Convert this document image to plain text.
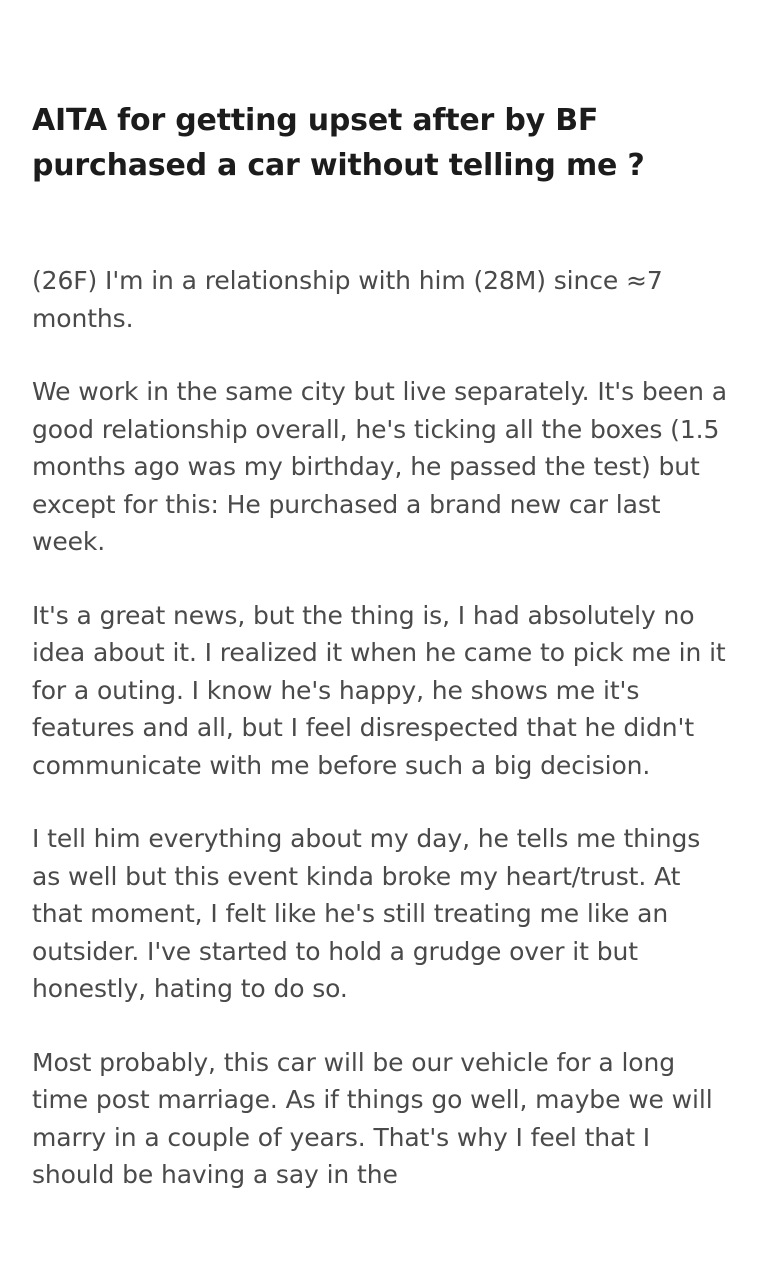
AITA for getting upset after by BF purchased a car without telling me ?

(26F) I'm in a relationship with him (28M) since ≈7 months.

We work in the same city but live separately. It's been a good relationship overall, he's ticking all the boxes (1.5 months ago was my birthday, he passed the test) but except for this: He purchased a brand new car last week.

It's a great news, but the thing is, I had absolutely no idea about it. I realized it when he came to pick me in it for a outing. I know he's happy, he shows me it's features and all, but I feel disrespected that he didn't communicate with me before such a big decision.

I tell him everything about my day, he tells me things as well but this event kinda broke my heart/trust. At that moment, I felt like he's still treating me like an outsider. I've started to hold a grudge over it but honestly, hating to do so.

Most probably, this car will be our vehicle for a long time post marriage. As if things go well, maybe we will marry in a couple of years. That's why I feel that I should be having a say in the
